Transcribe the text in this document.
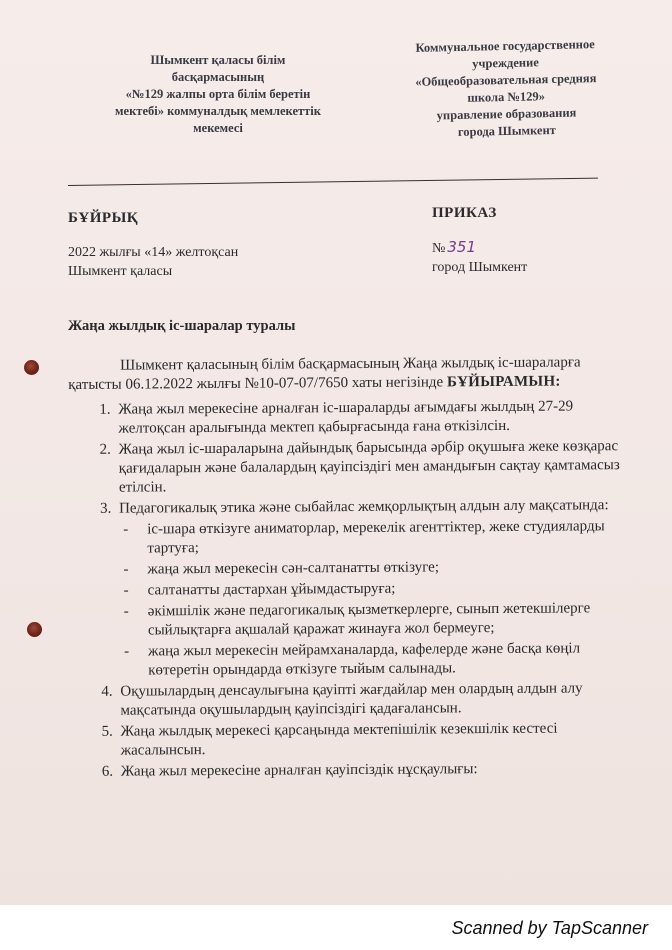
Шымкент қаласы білім
басқармасының
«№129 жалпы орта білім беретін
мектебі» коммуналдық мемлекеттік
мекемесі
Коммунальное государственное
учреждение
«Общеобразовательная средняя
школа №129»
управление образования
города Шымкент
БҰЙРЫҚ	ПРИКАЗ
2022 жылғы «14» желтоқсан
Шымкент қаласы
№ 351
город Шымкент
Жаңа жылдық іс-шаралар туралы

Шымкент қаласының білім басқармасының Жаңа жылдық іс-шараларға қатысты 06.12.2022 жылғы №10-07-07/7650 хаты негізінде БҰЙЫРАМЫН:

1. Жаңа жыл мерекесіне арналған іс-шараларды ағымдағы жылдың 27-29 желтоқсан аралығында мектеп қабырғасында ғана өткізілсін.
2. Жаңа жыл іс-шараларына дайындық барысында әрбір оқушыға жеке көзқарас қағидаларын және балалардың қауіпсіздігі мен амандығын сақтау қамтамасыз етілсін.
3. Педагогикалық этика және сыбайлас жемқорлықтың алдын алу мақсатында:
- іс-шара өткізуге аниматорлар, мерекелік агенттіктер, жеке студияларды тартуға;
- жаңа жыл мерекесін сән-салтанатты өткізуге;
- салтанатты дастархан ұйымдастыруға;
- әкімшілік және педагогикалық қызметкерлерге, сынып жетекшілерге сыйлықтарға ақшалай қаражат жинауға жол бермеуге;
- жаңа жыл мерекесін мейрамханаларда, кафелерде және басқа көңіл көтеретін орындарда өткізуге тыйым салынады.
4. Оқушылардың денсаулығына қауіпті жағдайлар мен олардың алдын алу мақсатында оқушылардың қауіпсіздігі қадағалансын.
5. Жаңа жылдық мерекесі қарсаңында мектепішілік кезекшілік кестесі жасалынсын.
6. Жаңа жыл мерекесіне арналған қауіпсіздік нұсқаулығы:
Scanned by TapScanner
